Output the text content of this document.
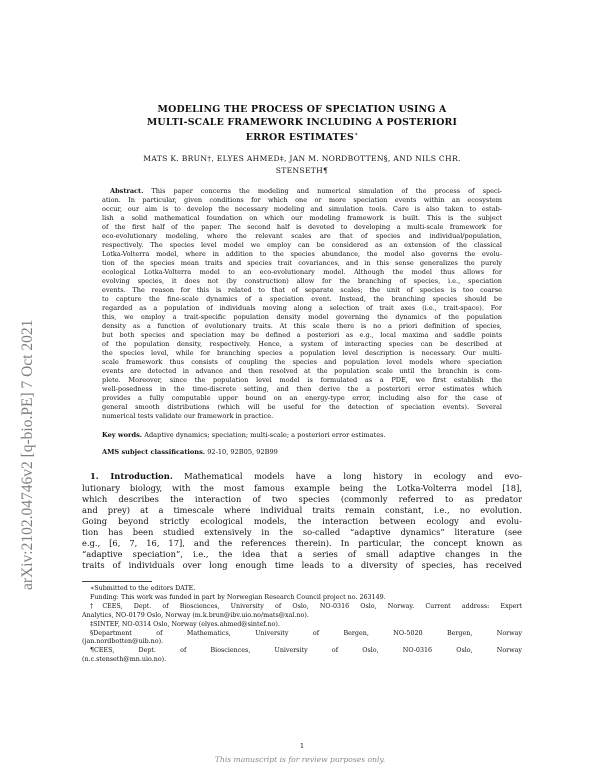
arXiv:2102.04746v2 [q-bio.PE] 7 Oct 2021
MODELING THE PROCESS OF SPECIATION USING A
MULTI-SCALE FRAMEWORK INCLUDING A POSTERIORI
ERROR ESTIMATES∗
MATS K. BRUN†, ELYES AHMED‡, JAN M. NORDBOTTEN§, AND NILS CHR.
STENSETH¶
Abstract. This paper concerns the modeling and numerical simulation of the process of speci-
ation. In particular, given conditions for which one or more speciation events within an ecosystem
occur, our aim is to develop the necessary modeling and simulation tools. Care is also taken to estab-
lish a solid mathematical foundation on which our modeling framework is built. This is the subject
of the first half of the paper. The second half is devoted to developing a multi-scale framework for
eco-evolutionary modeling, where the relevant scales are that of species and individual/population,
respectively. The species level model we employ can be considered as an extension of the classical
Lotka-Volterra model, where in addition to the species abundance, the model also governs the evolu-
tion of the species mean traits and species trait covariances, and in this sense generalizes the purely
ecological Lotka-Volterra model to an eco-evolutionary model. Although the model thus allows for
evolving species, it does not (by construction) allow for the branching of species, i.e., speciation
events. The reason for this is related to that of separate scales; the unit of species is too coarse
to capture the fine-scale dynamics of a speciation event. Instead, the branching species should be
regarded as a population of individuals moving along a selection of trait axes (i.e., trait-space). For
this, we employ a trait-specific population density model governing the dynamics of the population
density as a function of evolutionary traits. At this scale there is no a priori definition of species,
but both species and speciation may be defined a posteriori as e.g., local maxima and saddle points
of the population density, respectively. Hence, a system of interacting species can be described at
the species level, while for branching species a population level description is necessary. Our multi-
scale framework thus consists of coupling the species and population level models where speciation
events are detected in advance and then resolved at the population scale until the branchin is com-
plete. Moreover, since the population level model is formulated as a PDE, we first establish the
well-posedness in the time-discrete setting, and then derive the a posteriori error estimates which
provides a fully computable upper bound on an energy-type error, including also for the case of
general smooth distributions (which will be useful for the detection of speciation events). Several
numerical tests validate our framework in practice.
Key words. Adaptive dynamics; speciation; multi-scale; a posteriori error estimates.
AMS subject classifications. 92-10, 92B05, 92B99
1. Introduction. Mathematical models have a long history in ecology and evo-
lutionary biology, with the most famous example being the Lotka-Volterra model [18],
which describes the interaction of two species (commonly referred to as predator
and prey) at a timescale where individual traits remain constant, i.e., no evolution.
Going beyond strictly ecological models, the interaction between ecology and evolu-
tion has been studied extensively in the so-called “adaptive dynamics” literature (see
e.g., [6, 7, 16, 17], and the references therein). In particular, the concept known as
“adaptive speciation”, i.e., the idea that a series of small adaptive changes in the
traits of individuals over long enough time leads to a diversity of species, has received
∗Submitted to the editors DATE.
Funding: This work was funded in part by Norwegian Research Council project no. 263149.
†CEES, Dept. of Biosciences, University of Oslo, NO-0316 Oslo, Norway. Current address: Expert
Analytics, NO-0179 Oslo, Norway (m.k.brun@ibv.uio.no/mats@xal.no).
‡SINTEF, NO-0314 Oslo, Norway (elyes.ahmed@sintef.no).
§Department of Mathematics, University of Bergen, NO-5020 Bergen, Norway
(jan.nordbotten@uib.no).
¶CEES, Dept. of Biosciences, University of Oslo, NO-0316 Oslo, Norway
(n.c.stenseth@mn.uio.no).
1
This manuscript is for review purposes only.
